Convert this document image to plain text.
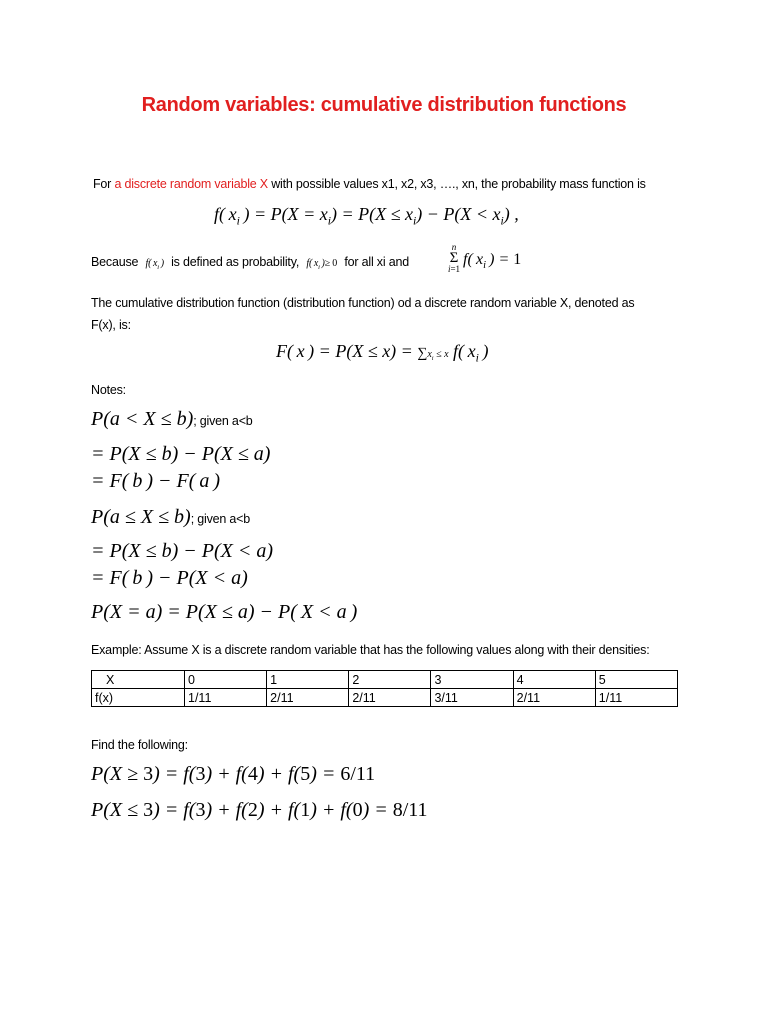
Random variables: cumulative distribution functions
For a discrete random variable X with possible values x1, x2, x3, …., xn, the probability mass function is
f( $x_i$ ) = $P(X = x_i) = P(X \le x_i) - P(X < x_i)$ ,
Because f( $x_i$ ) is defined as probability, f( $x_i$ )≥ 0 for all xi and
n
Σ
i=1
f( $x_i$ ) = 1
The cumulative distribution function (distribution function) od a discrete random variable X, denoted as
F(x), is:
F( x ) = $P(X \le x) = \sum x_i \le x$ f( $x_i$ )
Notes:
P(a < X ≤ b); given a<b
= P(X ≤ b) − P(X ≤ a)
= F( b ) − F( a )
P(a ≤ X ≤ b); given a<b
= P(X ≤ b) − P(X < a)
= F( b ) − P(X < a)
P(X = a) = P(X ≤ a) − P( X < a )
Example: Assume X is a discrete random variable that has the following values along with their densities:
X	0	1	2	3	4	5
f(x)	1/11	2/11	2/11	3/11	2/11	1/11
Find the following:
P(X ≥ 3) = f(3) + f(4) + f(5) = 6/11
P(X ≤ 3) = f(3) + f(2) + f(1) + f(0) = 8/11
